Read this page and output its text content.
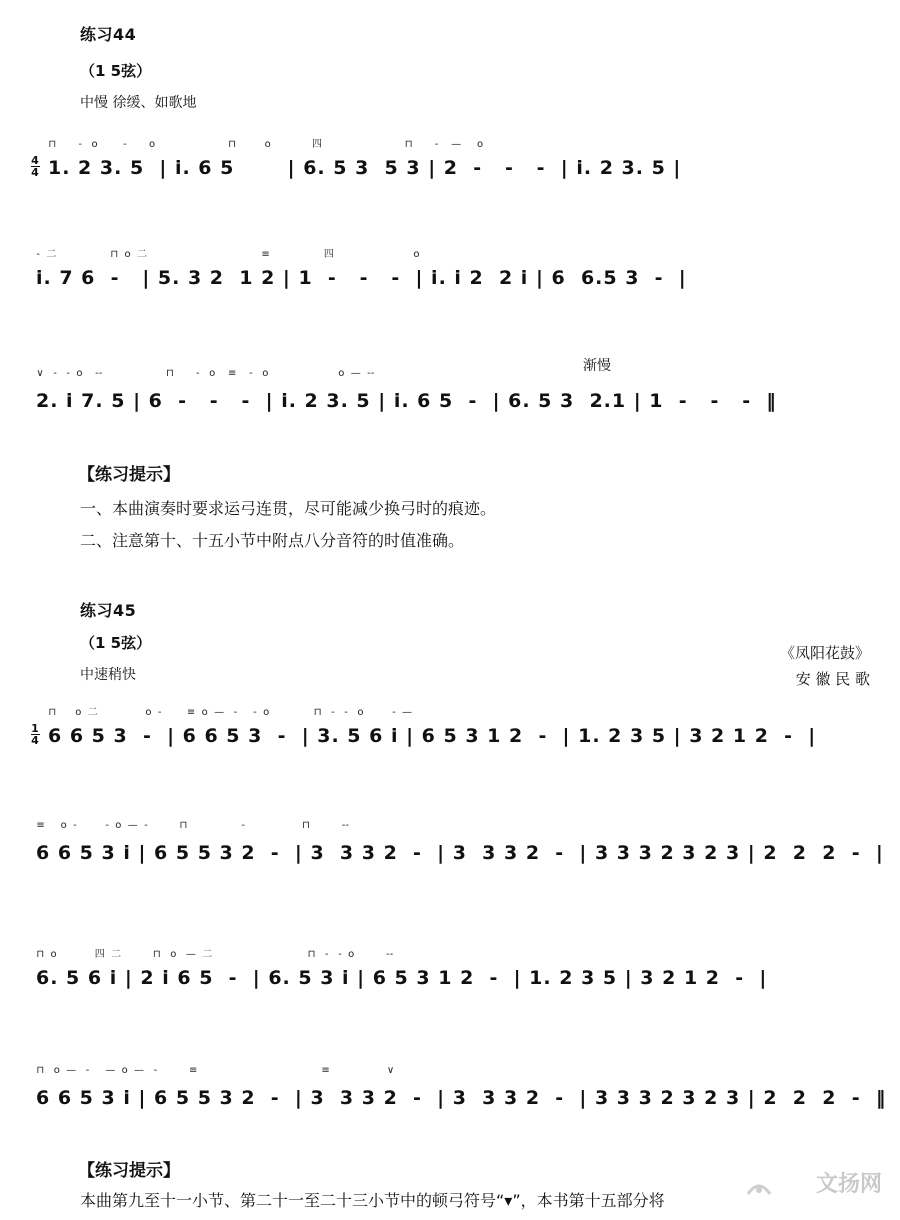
练习44
（1 5弦）
中慢 徐缓、如歌地
4
4
⊓       -   o        -       o                       ⊓         o             四                          ⊓       -    —     o
1. 2 3. 5  | i. 6 5       | 6. 5 3  5 3 | 2  -   -   -  | i. 2 3. 5 |
-  二                 ⊓  o  二                                    ≡                 四                         o
i. 7 6  -   | 5. 3 2  1 2 | 1  -   -   -  | i. i 2  2 i | 6  6.5 3  -  |
渐慢
∨   -   -  o    --                    ⊓       -   o    ≡    -   o                      o  —  --
2. i 7. 5 | 6  -   -   -  | i. 2 3. 5 | i. 6 5  -  | 6. 5 3  2.1 | 1  -   -   -  ‖
【练习提示】
一、本曲演奏时要求运弓连贯，尽可能减少换弓时的痕迹。
二、注意第十、十五小节中附点八分音符的时值准确。
练习45
（1 5弦）
中速稍快
《凤阳花鼓》
安 徽 民 歌
1
4
⊓      o  二               o  -        ≡  o  —   -     -  o              ⊓   -   -   o         -  —
6 6 5 3  -  | 6 6 5 3  -  | 3. 5 6 i | 6 5 3 1 2  -  | 1. 2 3 5 | 3 2 1 2  -  |
≡     o  -         -  o  —  -          ⊓                 -                  ⊓          --
6 6 5 3 i | 6 5 5 3 2  -  | 3  3 3 2  -  | 3  3 3 2  -  | 3 3 3 2 3 2 3 | 2  2  2  -  |
⊓  o            四  二          ⊓   o   —  二                              ⊓   -   -  o          --
6. 5 6 i | 2 i 6 5  -  | 6. 5 3 i | 6 5 3 1 2  -  | 1. 2 3 5 | 3 2 1 2  -  |
⊓   o  —   -     —  o  —   -          ≡                                       ≡                  ∨
6 6 5 3 i | 6 5 5 3 2  -  | 3  3 3 2  -  | 3  3 3 2  -  | 3 3 3 2 3 2 3 | 2  2  2  -  ‖
【练习提示】
本曲第九至十一小节、第二十一至二十三小节中的顿弓符号“▾”，本书第十五部分将
文扬网
